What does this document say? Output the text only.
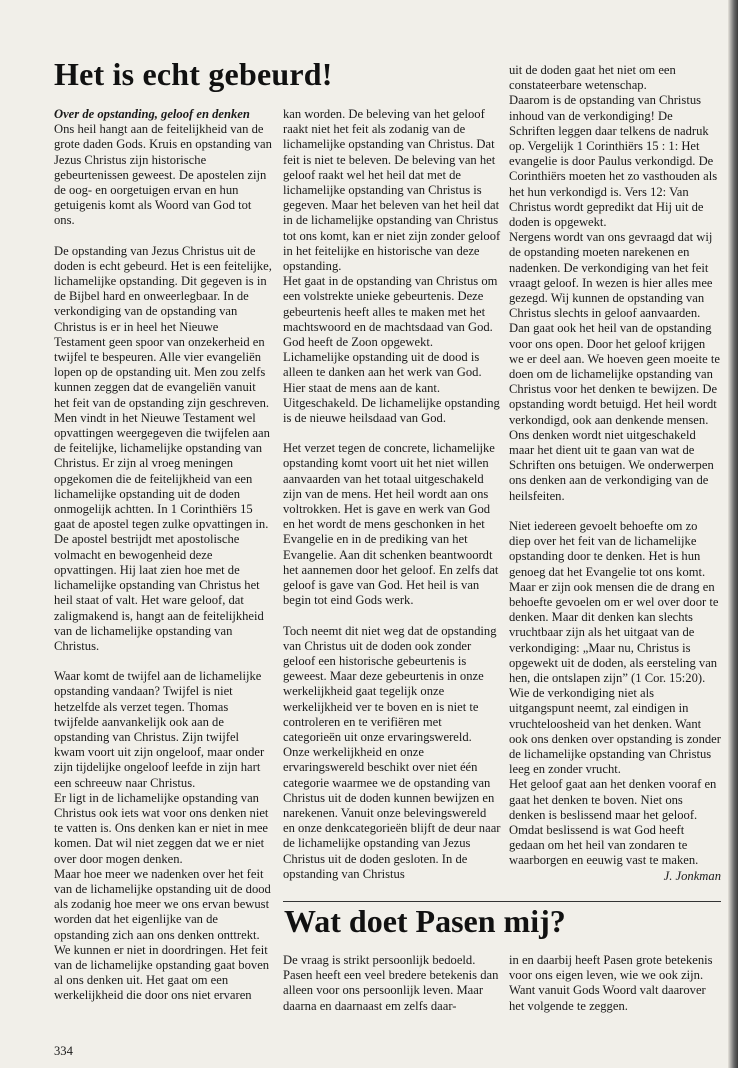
Het is echt gebeurd!

Over de opstanding, geloof en denken

Ons heil hangt aan de feitelijkheid van de grote daden Gods. Kruis en opstanding van Jezus Christus zijn historische gebeurtenissen geweest. De apostelen zijn de oog- en oorgetuigen ervan en hun getuigenis komt als Woord van God tot ons.

De opstanding van Jezus Christus uit de doden is echt gebeurd. Het is een feitelijke, lichamelijke opstanding. Dit gegeven is in de Bijbel hard en onweerlegbaar. In de verkondiging van de opstanding van Christus is er in heel het Nieuwe Testament geen spoor van onzekerheid en twijfel te bespeuren. Alle vier evangeliën lopen op de opstanding uit. Men zou zelfs kunnen zeggen dat de evangeliën vanuit het feit van de opstanding zijn geschreven.

Men vindt in het Nieuwe Testament wel opvattingen weergegeven die twijfelen aan de feitelijke, lichamelijke opstanding van Christus. Er zijn al vroeg meningen opgekomen die de feitelijkheid van een lichamelijke opstanding uit de doden onmogelijk achtten. In 1 Corinthiërs 15 gaat de apostel tegen zulke opvattingen in. De apostel bestrijdt met apostolische volmacht en bewogenheid deze opvattingen. Hij laat zien hoe met de lichamelijke opstanding van Christus het heil staat of valt. Het ware geloof, dat zaligmakend is, hangt aan de feitelijkheid van de lichamelijke opstanding van Christus.

Waar komt de twijfel aan de lichamelijke opstanding vandaan? Twijfel is niet hetzelfde als verzet tegen. Thomas twijfelde aanvankelijk ook aan de opstanding van Christus. Zijn twijfel kwam voort uit zijn ongeloof, maar onder zijn tijdelijke ongeloof leefde in zijn hart een schreeuw naar Christus.

Er ligt in de lichamelijke opstanding van Christus ook iets wat voor ons denken niet te vatten is. Ons denken kan er niet in mee komen. Dat wil niet zeggen dat we er niet over door mogen denken.

Maar hoe meer we nadenken over het feit van de lichamelijke opstanding uit de dood als zodanig hoe meer we ons ervan bewust worden dat het eigenlijke van de opstanding zich aan ons denken onttrekt. We kunnen er niet in doordringen. Het feit van de lichamelijke opstanding gaat boven al ons denken uit. Het gaat om een werkelijkheid die door ons niet ervaren

kan worden. De beleving van het geloof raakt niet het feit als zodanig van de lichamelijke opstanding van Christus. Dat feit is niet te beleven. De beleving van het geloof raakt wel het heil dat met de lichamelijke opstanding van Christus is gegeven. Maar het beleven van het heil dat in de lichamelijke opstanding van Christus tot ons komt, kan er niet zijn zonder geloof in het feitelijke en historische van deze opstanding.

Het gaat in de opstanding van Christus om een volstrekte unieke gebeurtenis. Deze gebeurtenis heeft alles te maken met het machtswoord en de machtsdaad van God. God heeft de Zoon opgewekt. Lichamelijke opstanding uit de dood is alleen te danken aan het werk van God. Hier staat de mens aan de kant. Uitgeschakeld. De lichamelijke opstanding is de nieuwe heilsdaad van God.

Het verzet tegen de concrete, lichamelijke opstanding komt voort uit het niet willen aanvaarden van het totaal uitgeschakeld zijn van de mens. Het heil wordt aan ons voltrokken. Het is gave en werk van God en het wordt de mens geschonken in het Evangelie en in de prediking van het Evangelie. Aan dit schenken beantwoordt het aannemen door het geloof. En zelfs dat geloof is gave van God. Het heil is van begin tot eind Gods werk.

Toch neemt dit niet weg dat de opstanding van Christus uit de doden ook zonder geloof een historische gebeurtenis is geweest. Maar deze gebeurtenis in onze werkelijkheid gaat tegelijk onze werkelijkheid ver te boven en is niet te controleren en te verifiëren met categorieën uit onze ervaringswereld. Onze werkelijkheid en onze ervaringswereld beschikt over niet één categorie waarmee we de opstanding van Christus uit de doden kunnen bewijzen en narekenen. Vanuit onze belevingswereld en onze denkcategorieën blijft de deur naar de lichamelijke opstanding van Jezus Christus uit de doden gesloten. In de opstanding van Christus

uit de doden gaat het niet om een constateerbare wetenschap.

Daarom is de opstanding van Christus inhoud van de verkondiging! De Schriften leggen daar telkens de nadruk op. Vergelijk 1 Corinthiërs 15 : 1: Het evangelie is door Paulus verkondigd. De Corinthiërs moeten het zo vasthouden als het hun verkondigd is. Vers 12: Van Christus wordt gepredikt dat Hij uit de doden is opgewekt.

Nergens wordt van ons gevraagd dat wij de opstanding moeten narekenen en nadenken. De verkondiging van het feit vraagt geloof. In wezen is hier alles mee gezegd. Wij kunnen de opstanding van Christus slechts in geloof aanvaarden. Dan gaat ook het heil van de opstanding voor ons open. Door het geloof krijgen we er deel aan. We hoeven geen moeite te doen om de lichamelijke opstanding van Christus voor het denken te bewijzen. De opstanding wordt betuigd. Het heil wordt verkondigd, ook aan denkende mensen. Ons denken wordt niet uitgeschakeld maar het dient uit te gaan van wat de Schriften ons betuigen. We onderwerpen ons denken aan de verkondiging van de heilsfeiten.

Niet iedereen gevoelt behoefte om zo diep over het feit van de lichamelijke opstanding door te denken. Het is hun genoeg dat het Evangelie tot ons komt. Maar er zijn ook mensen die de drang en behoefte gevoelen om er wel over door te denken. Maar dit denken kan slechts vruchtbaar zijn als het uitgaat van de verkondiging: „Maar nu, Christus is opgewekt uit de doden, als eersteling van hen, die ontslapen zijn” (1 Cor. 15:20). Wie de verkondiging niet als uitgangspunt neemt, zal eindigen in vruchteloosheid van het denken. Want ook ons denken over opstanding is zonder de lichamelijke opstanding van Christus leeg en zonder vrucht.

Het geloof gaat aan het denken vooraf en gaat het denken te boven. Niet ons denken is beslissend maar het geloof. Omdat beslissend is wat God heeft gedaan om het heil van zondaren te waarborgen en eeuwig vast te maken.

J. Jonkman

Wat doet Pasen mij?

De vraag is strikt persoonlijk bedoeld. Pasen heeft een veel bredere betekenis dan alleen voor ons persoonlijk leven. Maar daarna en daarnaast em zelfs daar-

in en daarbij heeft Pasen grote betekenis voor ons eigen leven, wie we ook zijn. Want vanuit Gods Woord valt daarover het volgende te zeggen.

334
